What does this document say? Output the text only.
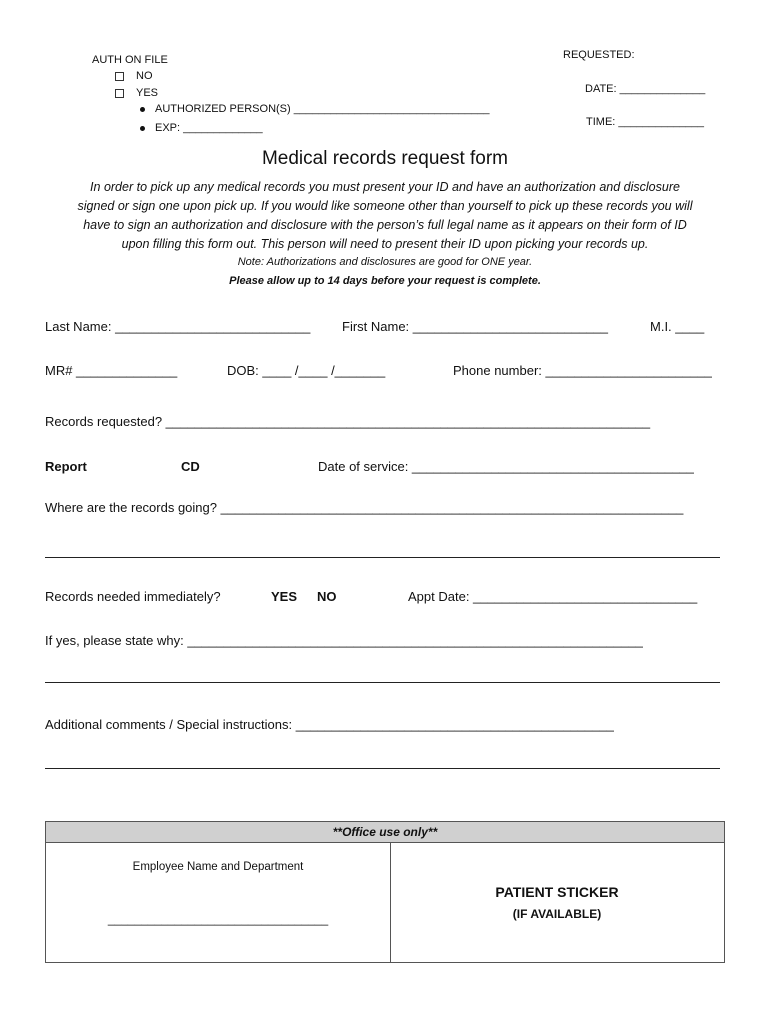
AUTH ON FILE
NO
YES
AUTHORIZED PERSON(S) ________________________________
EXP: _____________
REQUESTED:
DATE: ______________
TIME: ______________
Medical records request form
In order to pick up any medical records you must present your ID and have an authorization and disclosure
signed or sign one upon pick up. If you would like someone other than yourself to pick up these records you will
have to sign an authorization and disclosure with the person’s full legal name as it appears on their form of ID
upon filling this form out. This person will need to present their ID upon picking your records up.
Note: Authorizations and disclosures are good for ONE year.
Please allow up to 14 days before your request is complete.
Last Name: ___________________________ First Name: ___________________________	M.I. ____
MR# ______________	DOB: ____ /____ /_______	Phone number: _______________________
Records requested? ___________________________________________________________________
Report	CD	Date of service: _______________________________________
Where are the records going? ________________________________________________________________
Records needed immediately?	YES NO	Appt Date: _______________________________
If yes, please state why: _______________________________________________________________
Additional comments / Special instructions: ____________________________________________
**Office use only**
Employee Name and Department
_________________________________
PATIENT STICKER
(IF AVAILABLE)
